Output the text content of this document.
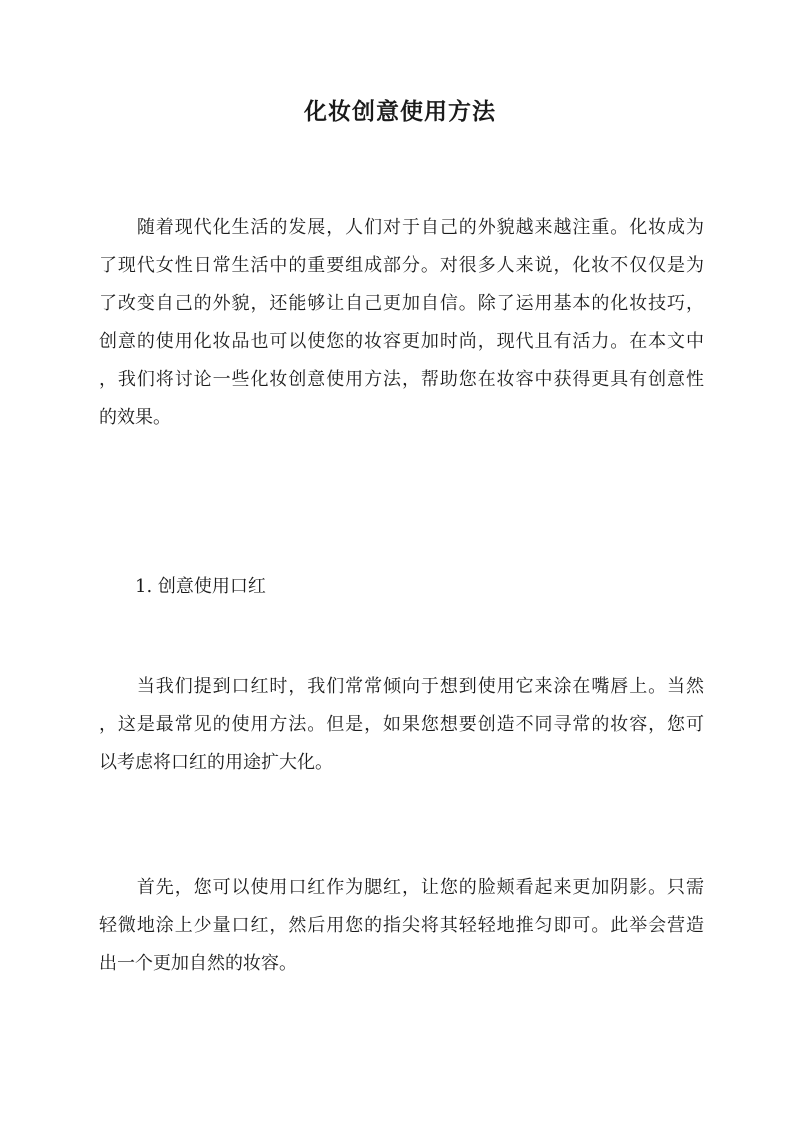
化妆创意使用方法
　　随着现代化生活的发展，人们对于自己的外貌越来越注重。化妆成为
了现代女性日常生活中的重要组成部分。对很多人来说，化妆不仅仅是为
了改变自己的外貌，还能够让自己更加自信。除了运用基本的化妆技巧，
创意的使用化妆品也可以使您的妆容更加时尚，现代且有活力。在本文中
，我们将讨论一些化妆创意使用方法，帮助您在妆容中获得更具有创意性
的效果。
1. 创意使用口红
　　当我们提到口红时，我们常常倾向于想到使用它来涂在嘴唇上。当然
，这是最常见的使用方法。但是，如果您想要创造不同寻常的妆容，您可
以考虑将口红的用途扩大化。
　　首先，您可以使用口红作为腮红，让您的脸颊看起来更加阴影。只需
轻微地涂上少量口红，然后用您的指尖将其轻轻地推匀即可。此举会营造
出一个更加自然的妆容。
